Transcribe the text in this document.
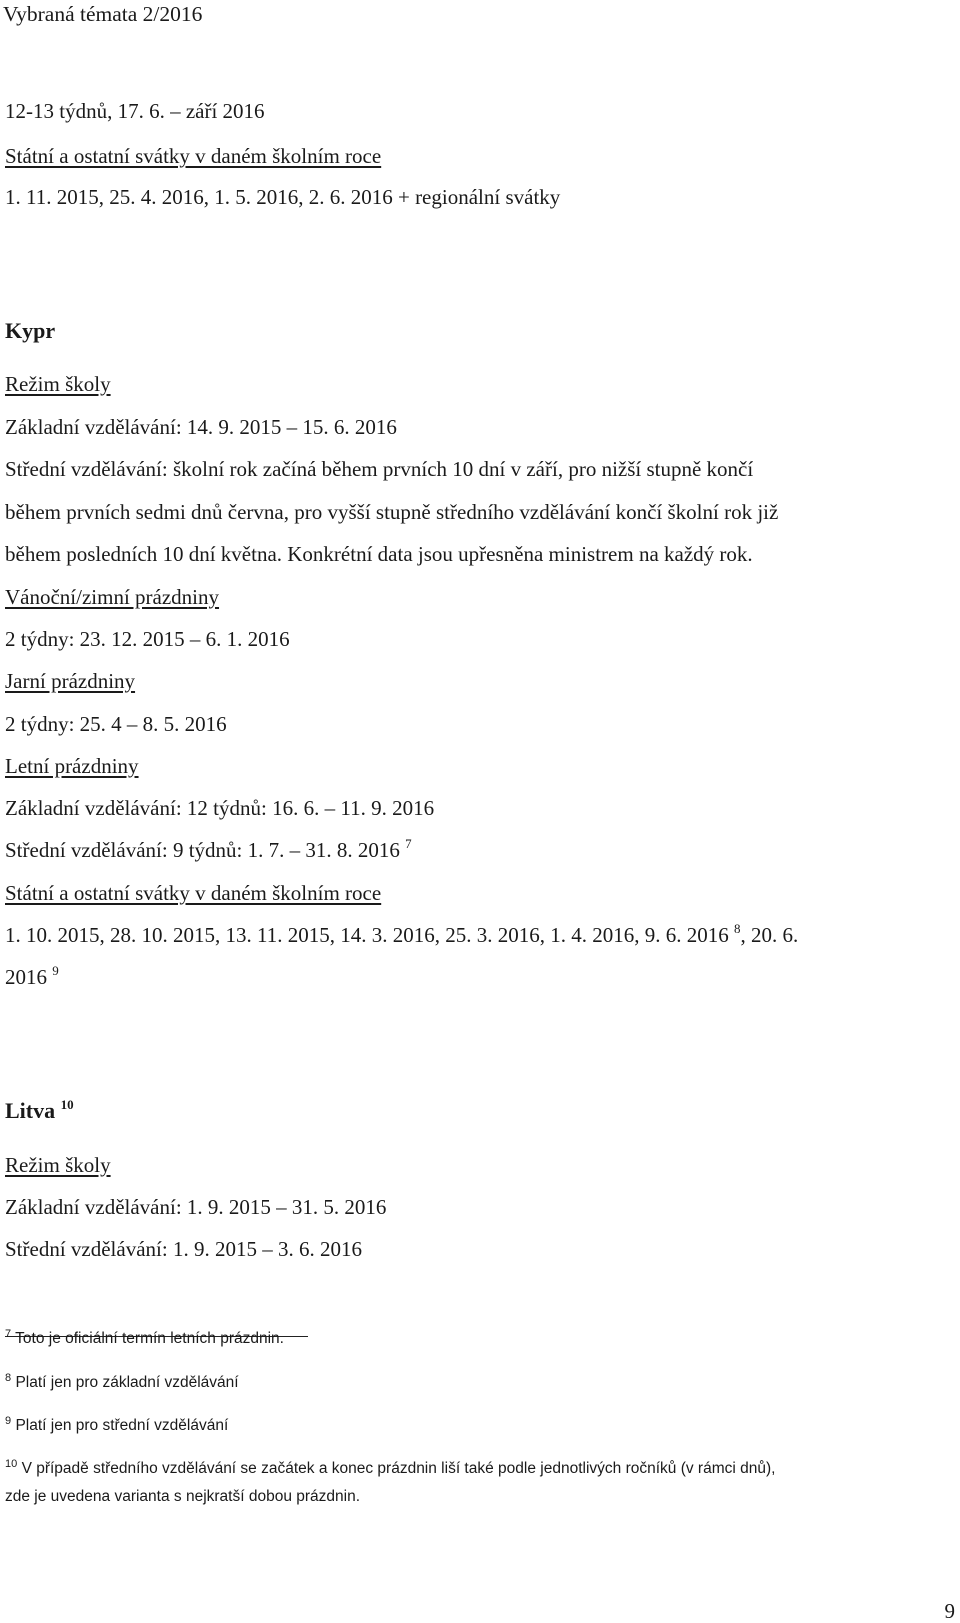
Vybraná témata 2/2016
12-13 týdnů, 17. 6. – září 2016
Státní a ostatní svátky v daném školním roce
1. 11. 2015, 25. 4. 2016, 1. 5. 2016, 2. 6. 2016 + regionální svátky
Kypr
Režim školy
Základní vzdělávání: 14. 9. 2015 – 15. 6. 2016
Střední vzdělávání: školní rok začíná během prvních 10 dní v září, pro nižší stupně končí
během prvních sedmi dnů června, pro vyšší stupně středního vzdělávání končí školní rok již
během posledních 10 dní května. Konkrétní data jsou upřesněna ministrem na každý rok.
Vánoční/zimní prázdniny
2 týdny: 23. 12. 2015 – 6. 1. 2016
Jarní prázdniny
2 týdny: 25. 4 – 8. 5. 2016
Letní prázdniny
Základní vzdělávání: 12 týdnů: 16. 6. – 11. 9. 2016
Střední vzdělávání: 9 týdnů: 1. 7. – 31. 8. 2016 $^7$
Státní a ostatní svátky v daném školním roce
1. 10. 2015, 28. 10. 2015, 13. 11. 2015, 14. 3. 2016, 25. 3. 2016, 1. 4. 2016, 9. 6. 2016 $^8$, 20. 6.
2016 $^9$
Litva $^{10}$
Režim školy
Základní vzdělávání: 1. 9. 2015 – 31. 5. 2016
Střední vzdělávání: 1. 9. 2015 – 3. 6. 2016
$^7$ Toto je oficiální termín letních prázdnin.
$^8$ Platí jen pro základní vzdělávání
$^9$ Platí jen pro střední vzdělávání
$^{10}$ V případě středního vzdělávání se začátek a konec prázdnin liší také podle jednotlivých ročníků (v rámci dnů),
zde je uvedena varianta s nejkratší dobou prázdnin.
9
